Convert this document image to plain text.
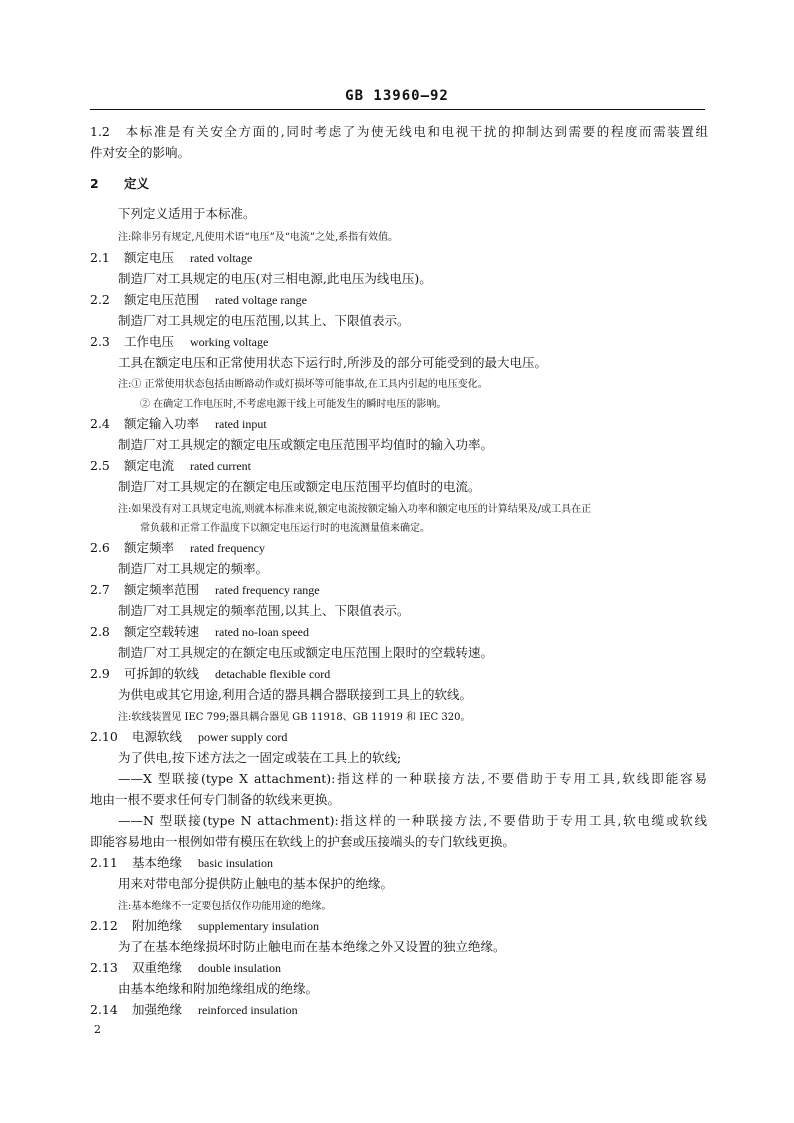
GB 13960—92
1.2 本标准是有关安全方面的,同时考虑了为使无线电和电视干扰的抑制达到需要的程度而需装置组
件对安全的影响。
2 定义
下列定义适用于本标准。
注:除非另有规定,凡使用术语“电压”及“电流”之处,系指有效值。
2.1 额定电压 rated voltage
制造厂对工具规定的电压(对三相电源,此电压为线电压)。
2.2 额定电压范围 rated voltage range
制造厂对工具规定的电压范围,以其上、下限值表示。
2.3 工作电压 working voltage
工具在额定电压和正常使用状态下运行时,所涉及的部分可能受到的最大电压。
注:① 正常使用状态包括由断路动作或灯损坏等可能事故,在工具内引起的电压变化。
② 在确定工作电压时,不考虑电源干线上可能发生的瞬时电压的影响。
2.4 额定输入功率 rated input
制造厂对工具规定的额定电压或额定电压范围平均值时的输入功率。
2.5 额定电流 rated current
制造厂对工具规定的在额定电压或额定电压范围平均值时的电流。
注:如果没有对工具规定电流,则就本标准来说,额定电流按额定输入功率和额定电压的计算结果及/或工具在正
常负载和正常工作温度下以额定电压运行时的电流测量值来确定。
2.6 额定频率 rated frequency
制造厂对工具规定的频率。
2.7 额定频率范围 rated frequency range
制造厂对工具规定的频率范围,以其上、下限值表示。
2.8 额定空载转速 rated no-loan speed
制造厂对工具规定的在额定电压或额定电压范围上限时的空载转速。
2.9 可拆卸的软线 detachable flexible cord
为供电或其它用途,利用合适的器具耦合器联接到工具上的软线。
注:软线装置见 IEC 799;器具耦合器见 GB 11918、GB 11919 和 IEC 320。
2.10 电源软线 power supply cord
为了供电,按下述方法之一固定或装在工具上的软线;
——X 型联接(type X attachment):指这样的一种联接方法,不要借助于专用工具,软线即能容易
地由一根不要求任何专门制备的软线来更换。
——N 型联接(type N attachment):指这样的一种联接方法,不要借助于专用工具,软电缆或软线
即能容易地由一根例如带有模压在软线上的护套或压接端头的专门软线更换。
2.11 基本绝缘 basic insulation
用来对带电部分提供防止触电的基本保护的绝缘。
注:基本绝缘不一定要包括仅作功能用途的绝缘。
2.12 附加绝缘 supplementary insulation
为了在基本绝缘损坏时防止触电而在基本绝缘之外又设置的独立绝缘。
2.13 双重绝缘 double insulation
由基本绝缘和附加绝缘组成的绝缘。
2.14 加强绝缘 reinforced insulation
2
